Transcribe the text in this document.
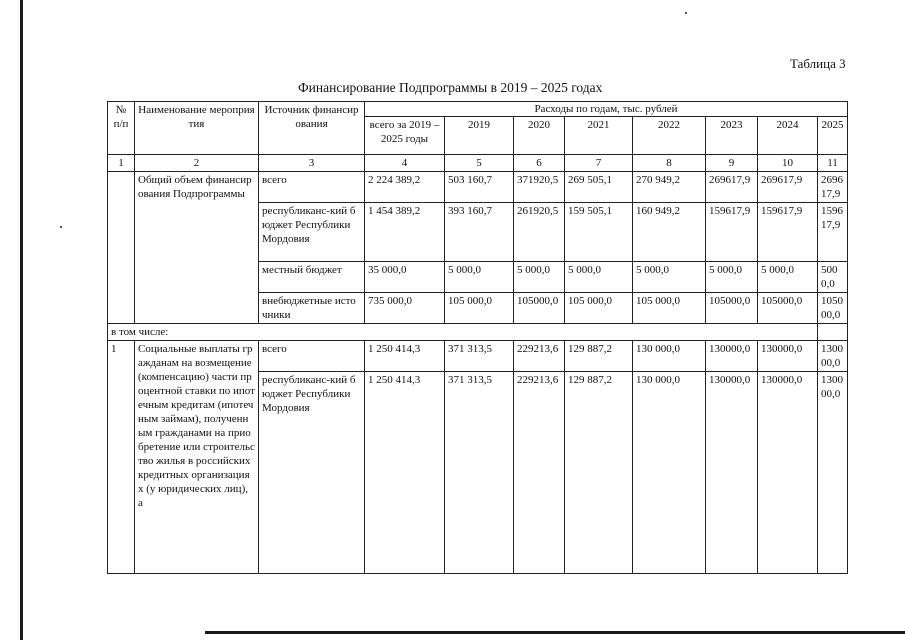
Таблица 3
Финансирование Подпрограммы в 2019 – 2025 годах
№ п/п	Наименование мероприятия	Источник финансирования	Расходы по годам, тыс. рублей							
			всего за 2019 – 2025 годы	2019	2020	2021	2022	2023	2024	2025
1	2	3	4	5	6	7	8	9	10	11
	Общий объем финансирования Подпрограммы	всего	2 224 389,2	503 160,7	371920,5	269 505,1	270 949,2	269617,9	269617,9	269617,9
		республиканс-кий бюджет Республики Мордовия	1 454 389,2	393 160,7	261920,5	159 505,1	160 949,2	159617,9	159617,9	159617,9
		местный бюджет	35 000,0	5 000,0	5 000,0	5 000,0	5 000,0	5 000,0	5 000,0	5000,0
		внебюджетные источники	735 000,0	105 000,0	105000,0	105 000,0	105 000,0	105000,0	105000,0	105000,0
в том числе:										
1	Социальные выплаты гражданам на возмещение (компенсацию) части процентной ставки по ипотечным кредитам (ипотечным займам), полученным гражданами на приобретение или строительство жилья в российских кредитных организациях (у юридических лиц), а	всего	1 250 414,3	371 313,5	229213,6	129 887,2	130 000,0	130000,0	130000,0	130000,0
		республиканс-кий бюджет Республики Мордовия	1 250 414,3	371 313,5	229213,6	129 887,2	130 000,0	130000,0	130000,0	130000,0
